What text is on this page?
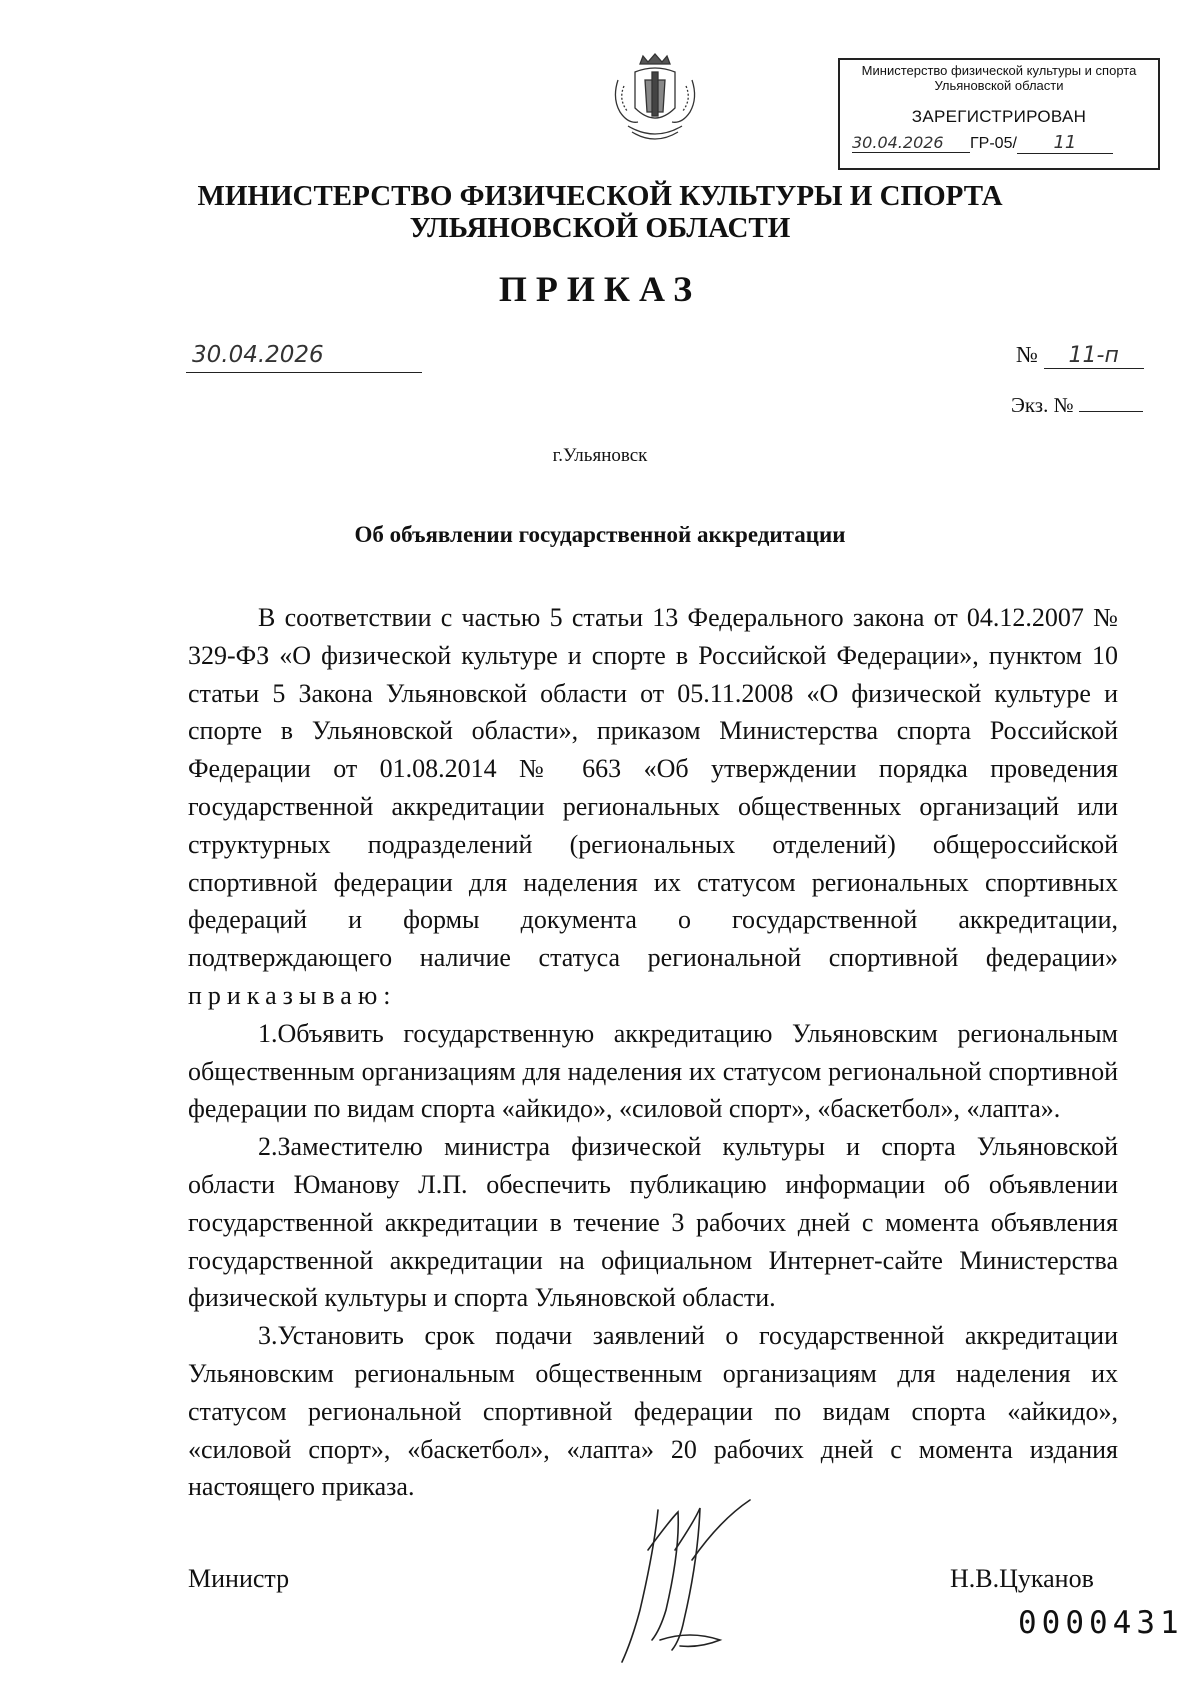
Министерство физической культуры и спорта
Ульяновской области
ЗАРЕГИСТРИРОВАН
30.04.2026 ГР-05/ 11
МИНИСТЕРСТВО ФИЗИЧЕСКОЙ КУЛЬТУРЫ И СПОРТА
УЛЬЯНОВСКОЙ ОБЛАСТИ
ПРИКАЗ
30.04.2026	№ 11-п
Экз. №
г.Ульяновск
Об объявлении государственной аккредитации

В соответствии с частью 5 статьи 13 Федерального закона от 04.12.2007 № 329-ФЗ «О физической культуре и спорте в Российской Федерации», пунктом 10 статьи 5 Закона Ульяновской области от 05.11.2008 «О физической культуре и спорте в Ульяновской области», приказом Министерства спорта Российской Федерации от 01.08.2014 № 663 «Об утверждении порядка проведения государственной аккредитации региональных общественных организаций или структурных подразделений (региональных отделений) общероссийской спортивной федерации для наделения их статусом региональных спортивных федераций и формы документа о государственной аккредитации, подтверждающего наличие статуса региональной спортивной федерации» приказываю:

1.Объявить государственную аккредитацию Ульяновским региональным общественным организациям для наделения их статусом региональной спортивной федерации по видам спорта «айкидо», «силовой спорт», «баскетбол», «лапта».

2.Заместителю министра физической культуры и спорта Ульяновской области Юманову Л.П. обеспечить публикацию информации об объявлении государственной аккредитации в течение 3 рабочих дней с момента объявления государственной аккредитации на официальном Интернет-сайте Министерства физической культуры и спорта Ульяновской области.

3.Установить срок подачи заявлений о государственной аккредитации Ульяновским региональным общественным организациям для наделения их статусом региональной спортивной федерации по видам спорта «айкидо», «силовой спорт», «баскетбол», «лапта» 20 рабочих дней с момента издания настоящего приказа.

Министр	Н.В.Цуканов
0000431
